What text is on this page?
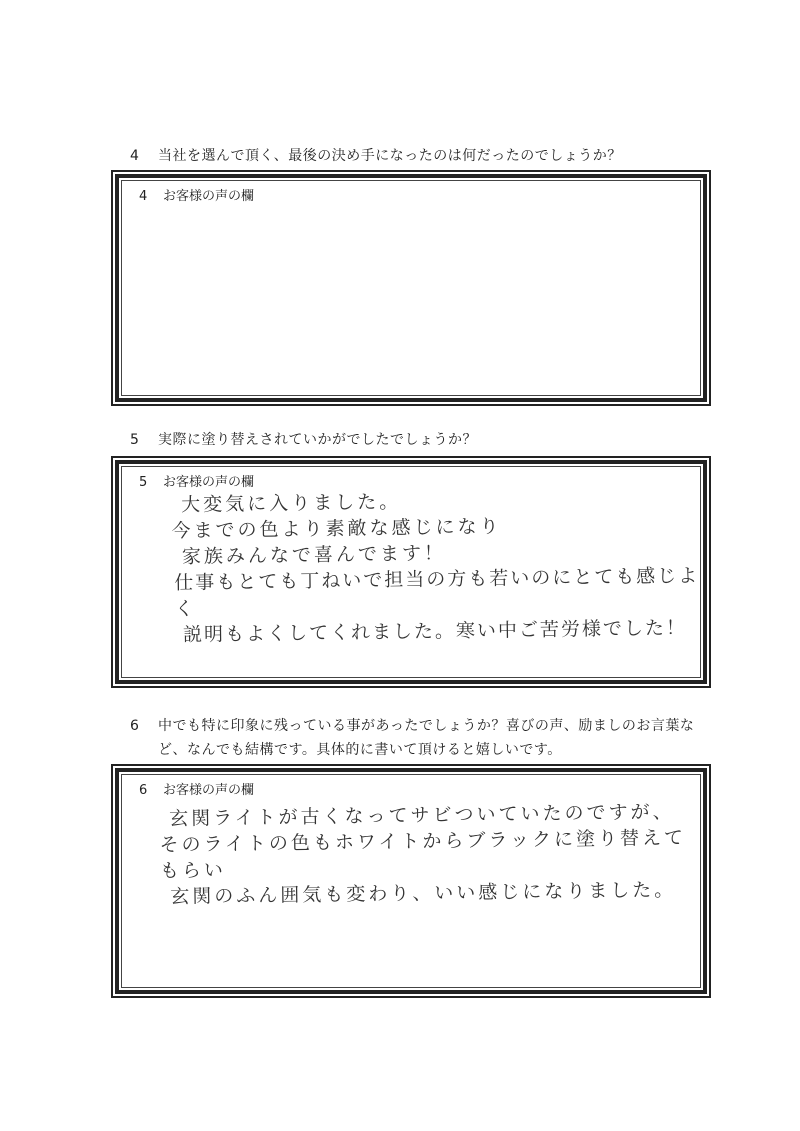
4 当社を選んで頂く、最後の決め手になったのは何だったのでしょうか？

4 お客様の声の欄

5 実際に塗り替えされていかがでしたでしょうか？

5 お客様の声の欄

大変気に入りました。
今までの色より素敵な感じになり
家族みんなで喜んでます！
仕事もとても丁ねいで担当の方も若いのにとても感じよく
説明もよくしてくれました。寒い中ご苦労様でした！

6 中でも特に印象に残っている事があったでしょうか？喜びの声、励ましのお言葉な
ど、なんでも結構です。具体的に書いて頂けると嬉しいです。

6 お客様の声の欄

玄関ライトが古くなってサビついていたのですが、
そのライトの色もホワイトからブラックに塗り替えてもらい
玄関のふん囲気も変わり、いい感じになりました。
